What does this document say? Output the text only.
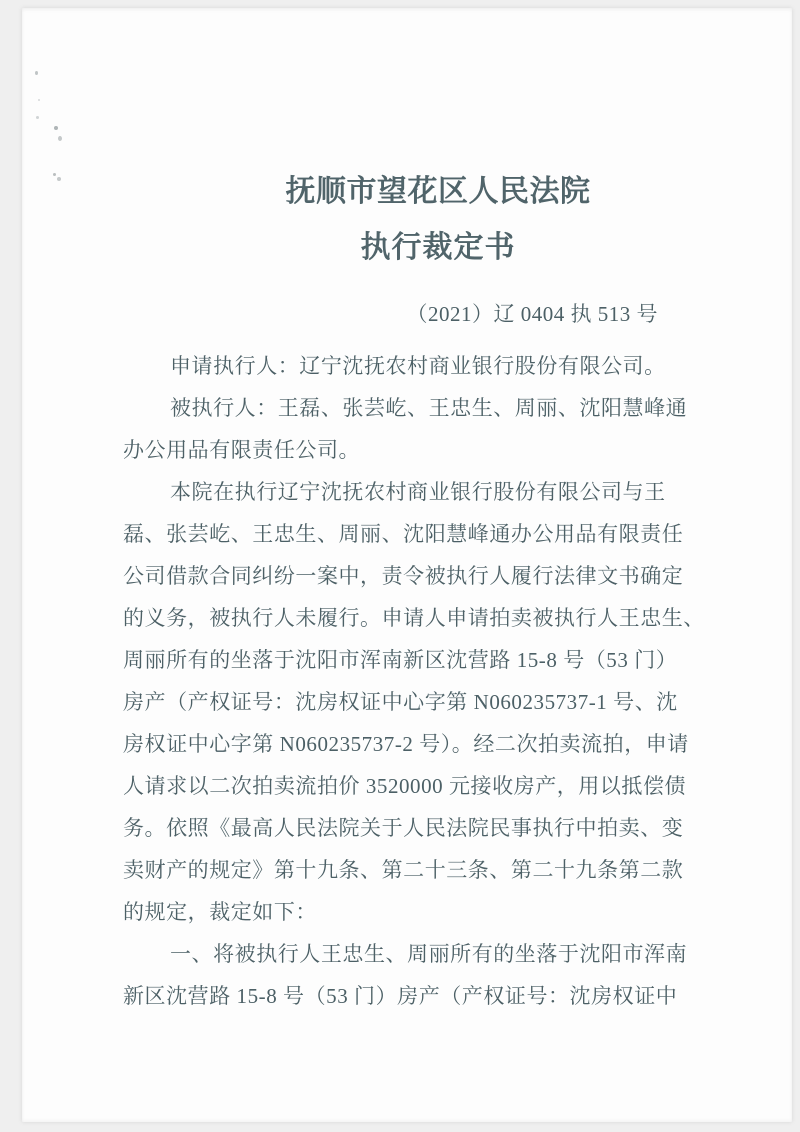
抚顺市望花区人民法院
执行裁定书
（2021）辽 0404 执 513 号
申请执行人：辽宁沈抚农村商业银行股份有限公司。
被执行人：王磊、张芸屹、王忠生、周丽、沈阳慧峰通
办公用品有限责任公司。
本院在执行辽宁沈抚农村商业银行股份有限公司与王
磊、张芸屹、王忠生、周丽、沈阳慧峰通办公用品有限责任
公司借款合同纠纷一案中，责令被执行人履行法律文书确定
的义务，被执行人未履行。申请人申请拍卖被执行人王忠生、
周丽所有的坐落于沈阳市浑南新区沈营路 15-8 号（53 门）
房产（产权证号：沈房权证中心字第 N060235737-1 号、沈
房权证中心字第 N060235737-2 号）。经二次拍卖流拍，申请
人请求以二次拍卖流拍价 3520000 元接收房产，用以抵偿债
务。依照《最高人民法院关于人民法院民事执行中拍卖、变
卖财产的规定》第十九条、第二十三条、第二十九条第二款
的规定，裁定如下：
一、将被执行人王忠生、周丽所有的坐落于沈阳市浑南
新区沈营路 15-8 号（53 门）房产（产权证号：沈房权证中
